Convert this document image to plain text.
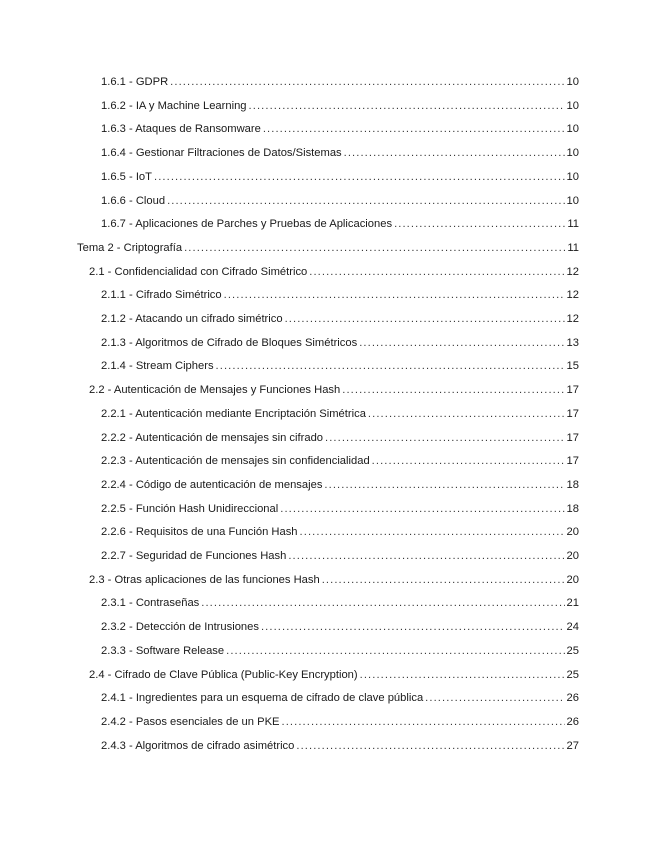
1.6.1 - GDPR .....	10
1.6.2 - IA y Machine Learning .....	10
1.6.3 - Ataques de Ransomware .....	10
1.6.4 - Gestionar Filtraciones de Datos/Sistemas .....	10
1.6.5 - IoT .....	10
1.6.6 - Cloud .....	10
1.6.7 - Aplicaciones de Parches y Pruebas de Aplicaciones .....	11
Tema 2 - Criptografía .....	11
2.1 - Confidencialidad con Cifrado Simétrico .....	12
2.1.1 - Cifrado Simétrico .....	12
2.1.2 - Atacando un cifrado simétrico .....	12
2.1.3 - Algoritmos de Cifrado de Bloques Simétricos .....	13
2.1.4 - Stream Ciphers .....	15
2.2 - Autenticación de Mensajes y Funciones Hash .....	17
2.2.1 - Autenticación mediante Encriptación Simétrica .....	17
2.2.2 - Autenticación de mensajes sin cifrado .....	17
2.2.3 - Autenticación de mensajes sin confidencialidad .....	17
2.2.4 - Código de autenticación de mensajes .....	18
2.2.5 - Función Hash Unidireccional .....	18
2.2.6 - Requisitos de una Función Hash .....	20
2.2.7 - Seguridad de Funciones Hash .....	20
2.3 - Otras aplicaciones de las funciones Hash .....	20
2.3.1 - Contraseñas .....	21
2.3.2 - Detección de Intrusiones .....	24
2.3.3 - Software Release .....	25
2.4 - Cifrado de Clave Pública (Public-Key Encryption) .....	25
2.4.1 - Ingredientes para un esquema de cifrado de clave pública .....	26
2.4.2 - Pasos esenciales de un PKE .....	26
2.4.3 - Algoritmos de cifrado asimétrico .....	27
